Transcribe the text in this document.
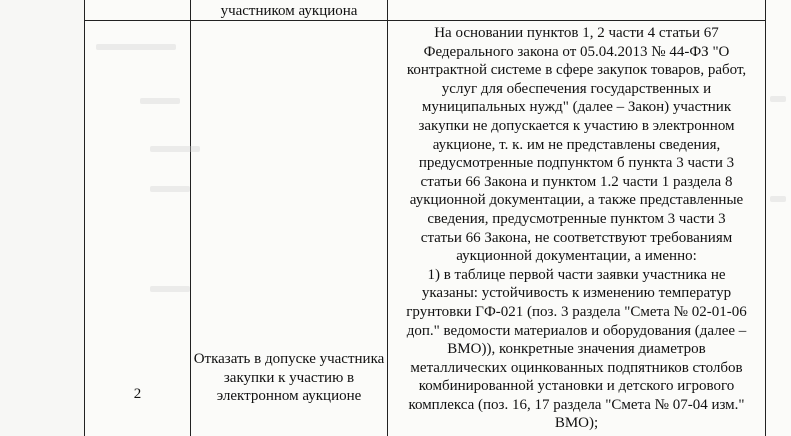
участником аукциона
2
Отказать в допуске участника закупки к участию в электронном аукционе

На основании пунктов 1, 2 части 4 статьи 67

Федерального закона от 05.04.2013 № 44-ФЗ "О

контрактной системе в сфере закупок товаров, работ,

услуг для обеспечения государственных и

муниципальных нужд" (далее – Закон) участник

закупки не допускается к участию в электронном

аукционе, т. к. им не представлены сведения,

предусмотренные подпунктом б пункта 3 части 3

статьи 66 Закона и пунктом 1.2 части 1 раздела 8

аукционной документации, а также представленные

сведения, предусмотренные пунктом 3 части 3

статьи 66 Закона, не соответствуют требованиям

аукционной документации, а именно:

1) в таблице первой части заявки участника не

указаны: устойчивость к изменению температур

грунтовки ГФ-021 (поз. 3 раздела "Смета № 02-01-06

доп." ведомости материалов и оборудования (далее –

ВМО)), конкретные значения диаметров

металлических оцинкованных подпятников столбов

комбинированной установки и детского игрового

комплекса (поз. 16, 17 раздела "Смета № 07-04 изм."

ВМО);
